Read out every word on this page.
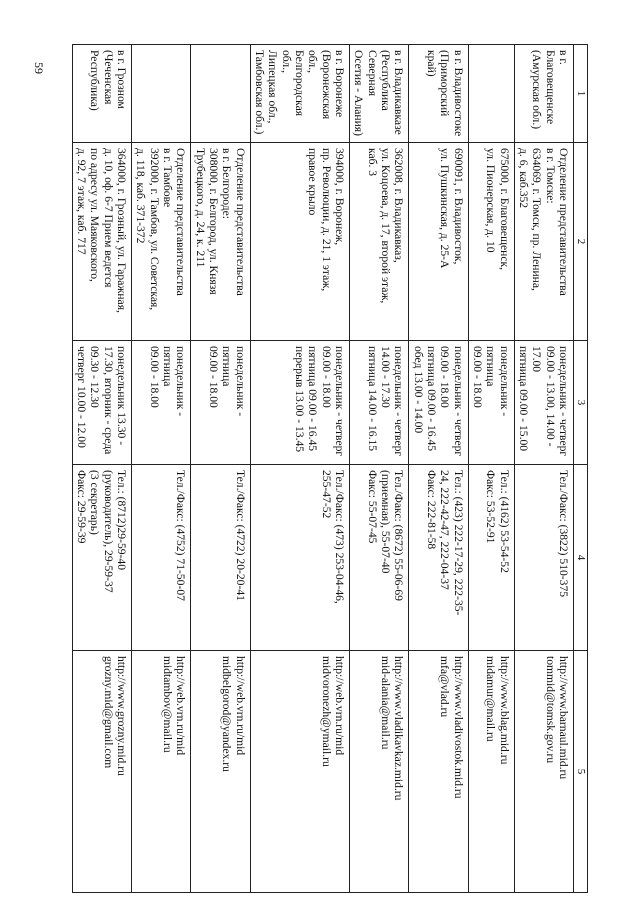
59
1	2	3	4	5

в г. Благовещенске
(Амурская обл.)	Отделение представительства
в г. Томске:
634069, г. Томск, пр. Ленина,
д. 6, каб.352	понедельник - четверг
09.00 - 13.00, 14.00 -
17.00
пятница 09.00 - 15.00	Тел./Факс: (3822) 510-375	http://www.barnaul.mid.ru
tommid@tomsk.gov.ru

	675000, г. Благовещенск,
ул. Пионерская, д. 10	понедельник - пятница
09.00 - 18.00	Тел.: (4162) 53-54-52
Факс: 53-52-91	http://www.blag.mid.ru
midamur@mail.ru

в г. Владивостоке
(Приморский край)	690091, г. Владивосток,
ул. Пушкинская, д. 25-А	понедельник - четверг
09.00 - 18.00
пятница 09.00 - 16.45
обед 13.00 - 14.00	Тел.: (423) 222-17-29, 222-35-
24, 222-42-47, 222-04-37
Факс: 222-81-58	http://www.vladivostok.mid.ru
mfa@vlad.ru

в г. Владикавказе
(Республика Северная
Осетия - Алания)	362008, г. Владикавказ,
ул. Коцоева, д. 17, второй этаж,
каб. 3	понедельник - четверг
14.00 - 17.30
пятница 14.00 - 16.15	Тел./Факс: (8672) 55-06-69
(приемная), 55-07-40
Факс: 55-07-45	http://www.vladikavkaz.mid.ru
mid-alania@mail.ru

в г. Воронеже
(Воронежская обл.,
Белгородская обл.,
Липецкая обл.,
Тамбовская обл.)	394000, г. Воронеж,
пр. Революции, д. 21, 1 этаж,
правое крыло	понедельник - четверг
09.00 - 18.00
пятница 09.00 - 16.45
перерыв 13.00 - 13.45	Тел./Факс: (473) 253-04-46,
255-47-52	http://web.vrn.ru/mid
midvoronezh@ymail.ru

	Отделение представительства
в г. Белгороде:
308000, г. Белгород, ул. Князя
Трубецкого, д. 24, к. 211	понедельник - пятница
09.00 - 18.00	Тел./Факс: (4722) 20-20-41	http://web.vrn.ru/mid
midbelgorod@yandex.ru

	Отделение представительства
в г. Тамбове
392000, г. Тамбов, ул. Советская,
д. 118, каб. 371-372	понедельник - пятница
09.00 - 18.00	Тел./Факс: (4752) 71-50-07	http://web.vrn.ru/mid
midtambov@mail.ru

в г. Грозном
(Чеченская Республика)	364000, г. Грозный, ул. Гаражная,
д. 10, оф. 6-7 Прием ведется
по адресу ул. Маяковского,
д. 92, 7 этаж, каб. 717	понедельник 13.30 -
17.30, вторник - среда
09.30 - 12.30
четверг 10.00 - 12.00	Тел.: (8712)29-59-40
(руководитель), 29-59-37
(3 секретарь)
Факс: 29-59-39	http://www.grozny.mid.ru
grozny.mid@gmail.com
